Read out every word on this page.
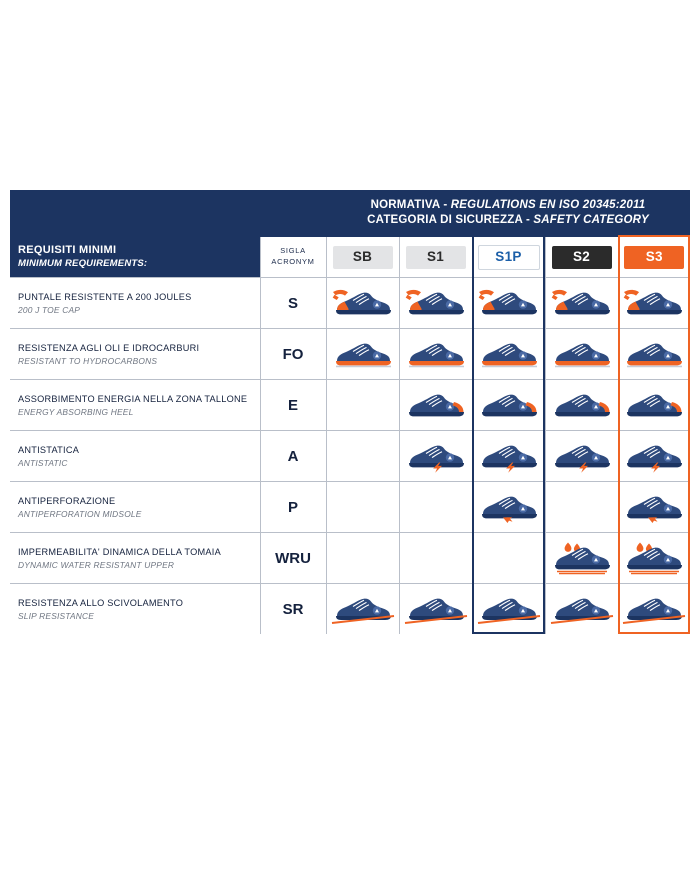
		NORMATIVA - REGULATIONS EN ISO 20345:2011
CATEGORIA DI SICUREZZA - SAFETY CATEGORY				

REQUISITI MINIMI
MINIMUM REQUIREMENTS:

SIGLA
ACRONYM	SB	S1	S1P	S2	S3

PUNTALE RESISTENTE A 200 JOULES
200 J TOE CAP	S	

RESISTENZA AGLI OLI E IDROCARBURI
RESISTANT TO HYDROCARBONS	FO	

ASSORBIMENTO ENERGIA NELLA ZONA TALLONE
ENERGY ABSORBING HEEL	E	

ANTISTATICA
ANTISTATIC	A	

ANTIPERFORAZIONE
ANTIPERFORATION MIDSOLE	P	

IMPERMEABILITA' DINAMICA DELLA TOMAIA
DYNAMIC WATER RESISTANT UPPER	WRU	

RESISTENZA ALLO SCIVOLAMENTO
SLIP RESISTANCE	SR	
